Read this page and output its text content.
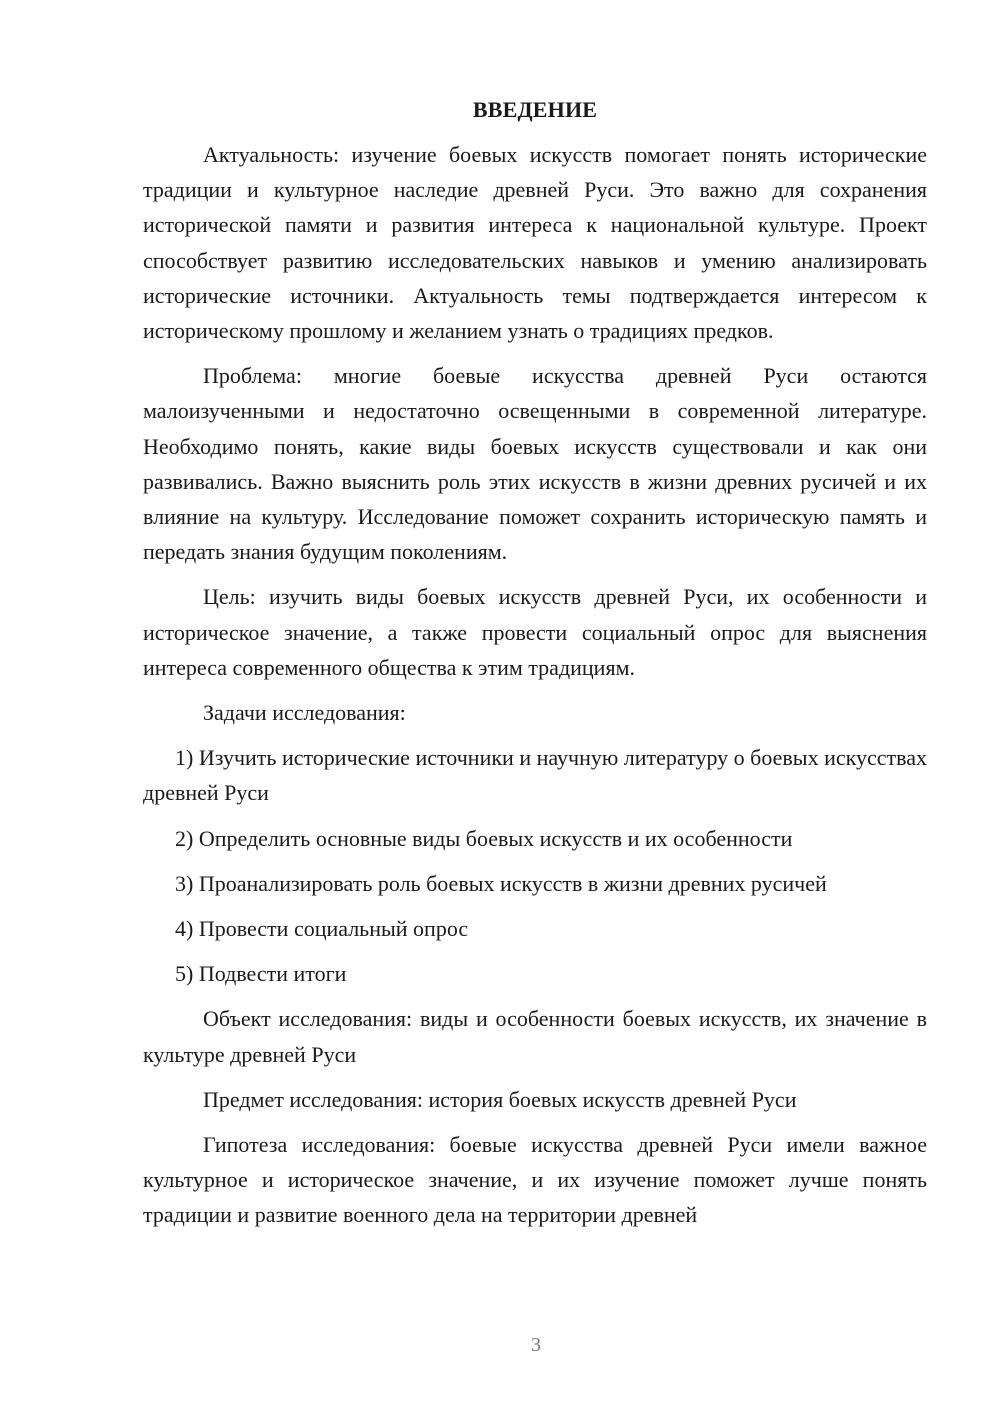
ВВЕДЕНИЕ

Актуальность: изучение боевых искусств помогает понять исторические традиции и культурное наследие древней Руси. Это важно для сохранения исторической памяти и развития интереса к национальной культуре. Проект способствует развитию исследовательских навыков и умению анализировать исторические источники. Актуальность темы подтверждается интересом к историческому прошлому и желанием узнать о традициях предков.

Проблема: многие боевые искусства древней Руси остаются малоизученными и недостаточно освещенными в современной литературе. Необходимо понять, какие виды боевых искусств существовали и как они развивались. Важно выяснить роль этих искусств в жизни древних русичей и их влияние на культуру. Исследование поможет сохранить историческую память и передать знания будущим поколениям.

Цель: изучить виды боевых искусств древней Руси, их особенности и историческое значение, а также провести социальный опрос для выяснения интереса современного общества к этим традициям.

Задачи исследования:

1) Изучить исторические источники и научную литературу о боевых искусствах древней Руси

2) Определить основные виды боевых искусств и их особенности

3) Проанализировать роль боевых искусств в жизни древних русичей

4) Провести социальный опрос

5) Подвести итоги

Объект исследования: виды и особенности боевых искусств, их значение в культуре древней Руси

Предмет исследования: история боевых искусств древней Руси

Гипотеза исследования: боевые искусства древней Руси имели важное культурное и историческое значение, и их изучение поможет лучше понять традиции и развитие военного дела на территории древней

3
